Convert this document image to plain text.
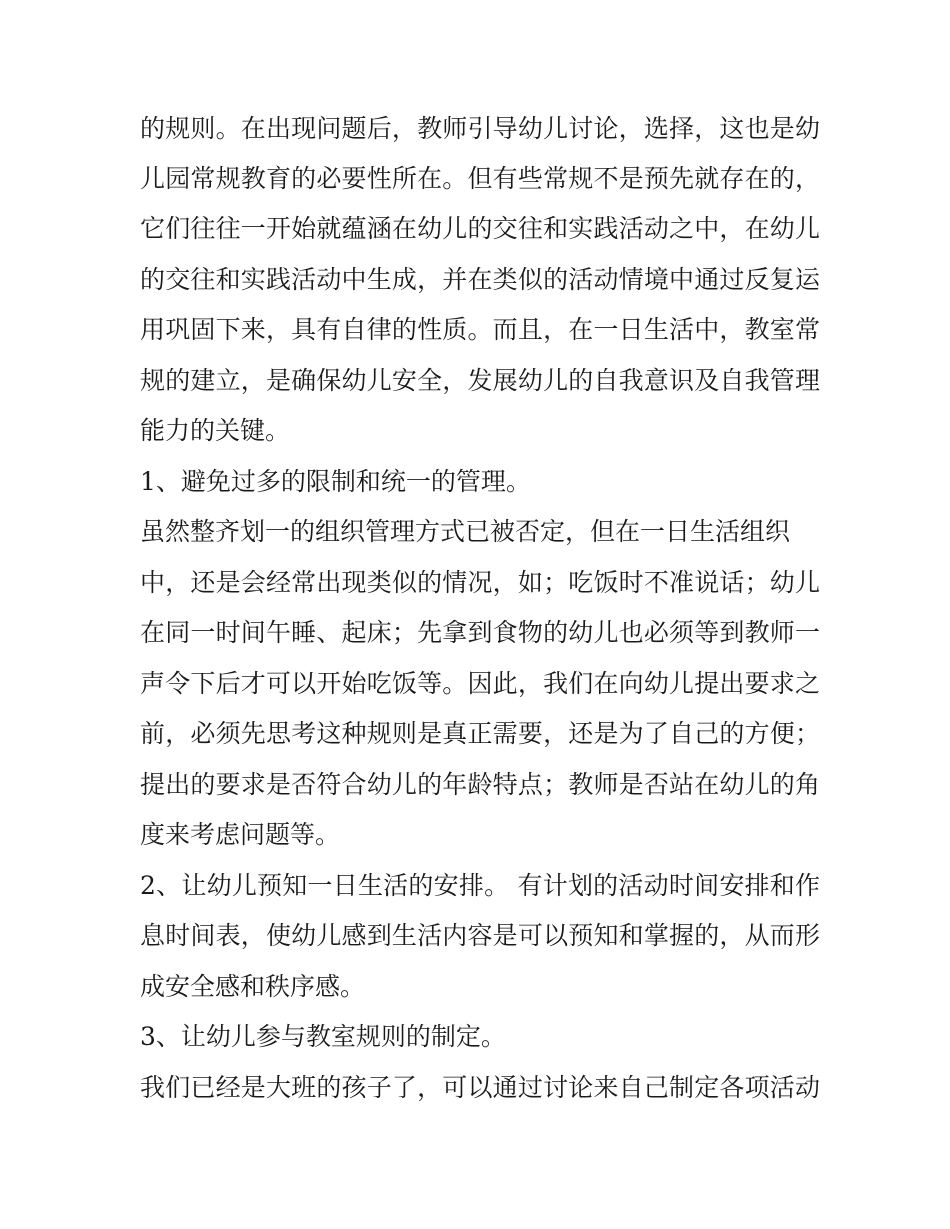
的规则。在出现问题后，教师引导幼儿讨论，选择，这也是幼
儿园常规教育的必要性所在。但有些常规不是预先就存在的，
它们往往一开始就蕴涵在幼儿的交往和实践活动之中，在幼儿
的交往和实践活动中生成，并在类似的活动情境中通过反复运
用巩固下来，具有自律的性质。而且，在一日生活中，教室常
规的建立，是确保幼儿安全，发展幼儿的自我意识及自我管理
能力的关键。
1、避免过多的限制和统一的管理。
虽然整齐划一的组织管理方式已被否定，但在一日生活组织
中，还是会经常出现类似的情况，如；吃饭时不准说话；幼儿
在同一时间午睡、起床；先拿到食物的幼儿也必须等到教师一
声令下后才可以开始吃饭等。因此，我们在向幼儿提出要求之
前，必须先思考这种规则是真正需要，还是为了自己的方便；
提出的要求是否符合幼儿的年龄特点；教师是否站在幼儿的角
度来考虑问题等。
2、让幼儿预知一日生活的安排。 有计划的活动时间安排和作
息时间表，使幼儿感到生活内容是可以预知和掌握的，从而形
成安全感和秩序感。
3、让幼儿参与教室规则的制定。
我们已经是大班的孩子了，可以通过讨论来自己制定各项活动
